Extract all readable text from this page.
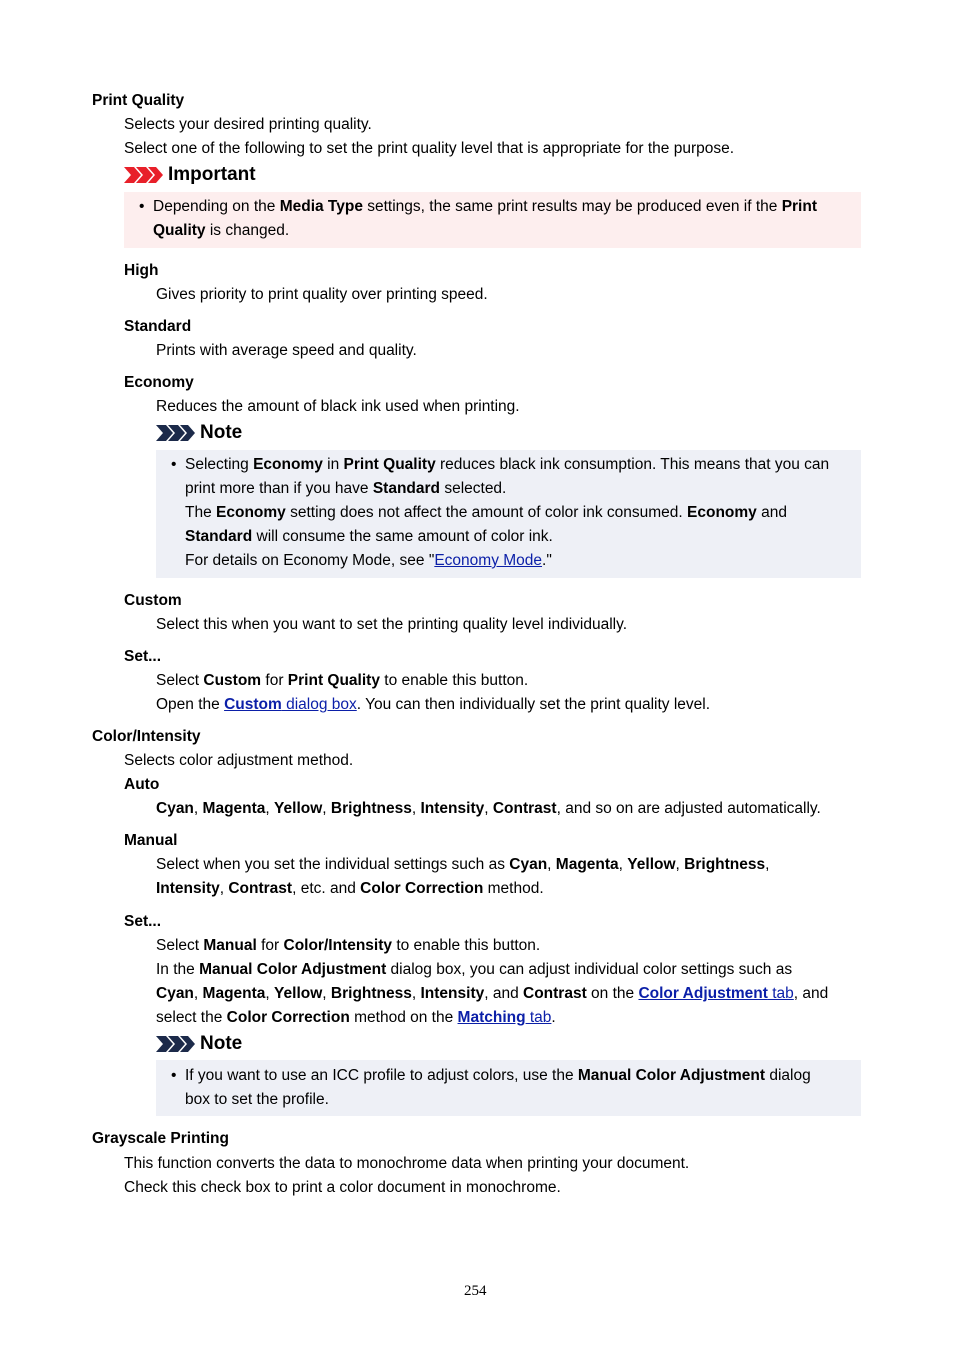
Print Quality
Selects your desired printing quality.
Select one of the following to set the print quality level that is appropriate for the purpose.
Important
• Depending on the Media Type settings, the same print results may be produced even if the Print
Quality is changed.
High
Gives priority to print quality over printing speed.
Standard
Prints with average speed and quality.
Economy
Reduces the amount of black ink used when printing.
Note
• Selecting Economy in Print Quality reduces black ink consumption. This means that you can
print more than if you have Standard selected.
The Economy setting does not affect the amount of color ink consumed. Economy and
Standard will consume the same amount of color ink.
For details on Economy Mode, see "Economy Mode."
Custom
Select this when you want to set the printing quality level individually.
Set...
Select Custom for Print Quality to enable this button.
Open the Custom dialog box. You can then individually set the print quality level.
Color/Intensity
Selects color adjustment method.
Auto
Cyan, Magenta, Yellow, Brightness, Intensity, Contrast, and so on are adjusted automatically.
Manual
Select when you set the individual settings such as Cyan, Magenta, Yellow, Brightness,
Intensity, Contrast, etc. and Color Correction method.
Set...
Select Manual for Color/Intensity to enable this button.
In the Manual Color Adjustment dialog box, you can adjust individual color settings such as
Cyan, Magenta, Yellow, Brightness, Intensity, and Contrast on the Color Adjustment tab, and
select the Color Correction method on the Matching tab.
Note
• If you want to use an ICC profile to adjust colors, use the Manual Color Adjustment dialog
box to set the profile.
Grayscale Printing
This function converts the data to monochrome data when printing your document.
Check this check box to print a color document in monochrome.
254
